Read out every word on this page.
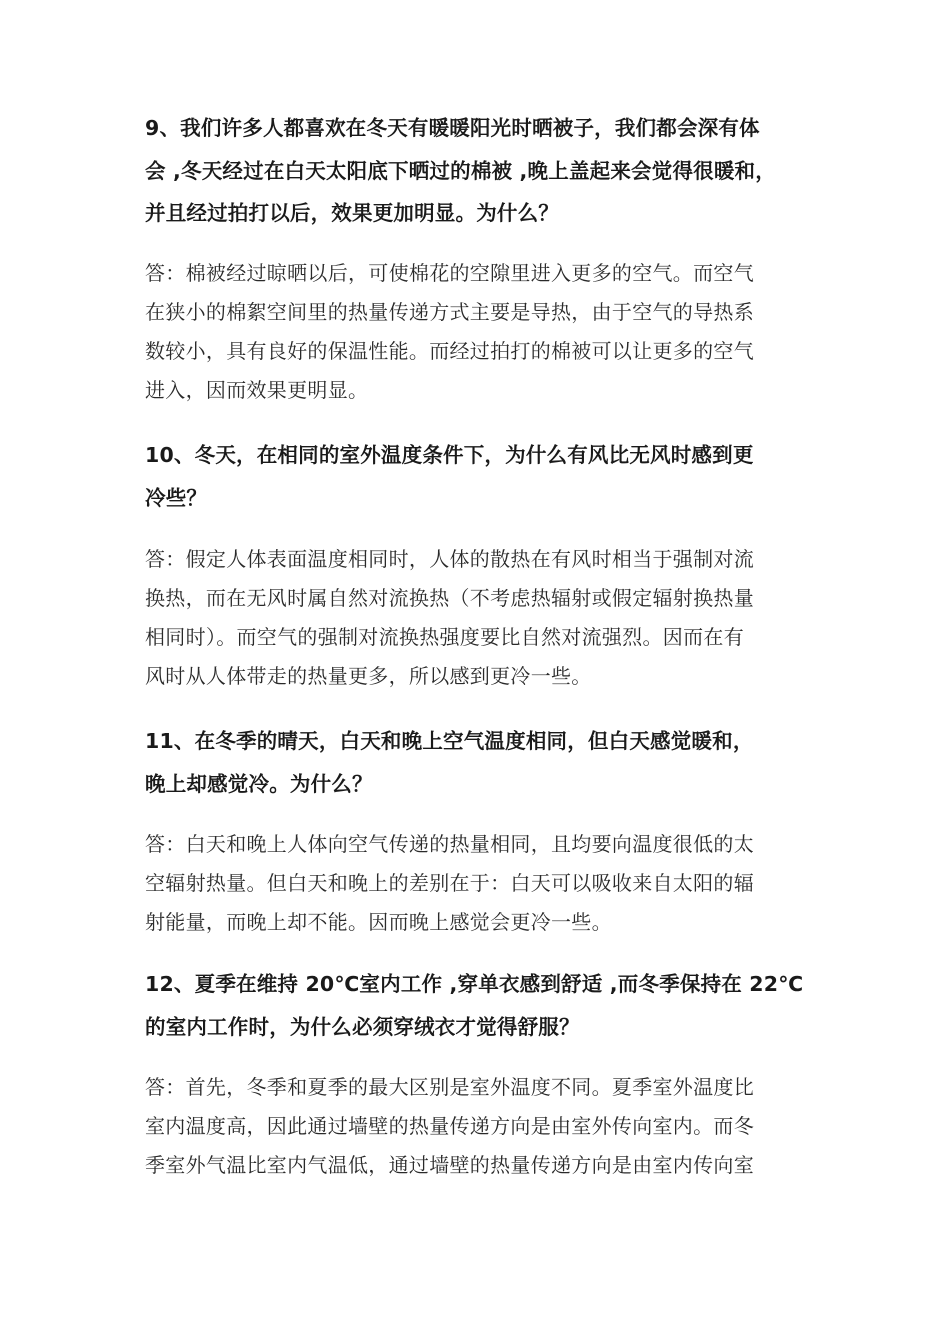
9、我们许多人都喜欢在冬天有暖暖阳光时晒被子，我们都会深有体
会 ,冬天经过在白天太阳底下晒过的棉被 ,晚上盖起来会觉得很暖和，
并且经过拍打以后，效果更加明显。为什么？
答：棉被经过晾晒以后，可使棉花的空隙里进入更多的空气。而空气
在狭小的棉絮空间里的热量传递方式主要是导热，由于空气的导热系
数较小，具有良好的保温性能。而经过拍打的棉被可以让更多的空气
进入，因而效果更明显。
10、冬天，在相同的室外温度条件下，为什么有风比无风时感到更
冷些？
答：假定人体表面温度相同时，人体的散热在有风时相当于强制对流
换热，而在无风时属自然对流换热（不考虑热辐射或假定辐射换热量
相同时）。而空气的强制对流换热强度要比自然对流强烈。因而在有
风时从人体带走的热量更多，所以感到更冷一些。
11、在冬季的晴天，白天和晚上空气温度相同，但白天感觉暖和，
晚上却感觉冷。为什么？
答：白天和晚上人体向空气传递的热量相同，且均要向温度很低的太
空辐射热量。但白天和晚上的差别在于：白天可以吸收来自太阳的辐
射能量，而晚上却不能。因而晚上感觉会更冷一些。
12、夏季在维持 20℃室内工作 ,穿单衣感到舒适 ,而冬季保持在 22℃
的室内工作时，为什么必须穿绒衣才觉得舒服？
答：首先，冬季和夏季的最大区别是室外温度不同。夏季室外温度比
室内温度高，因此通过墙壁的热量传递方向是由室外传向室内。而冬
季室外气温比室内气温低，通过墙壁的热量传递方向是由室内传向室
